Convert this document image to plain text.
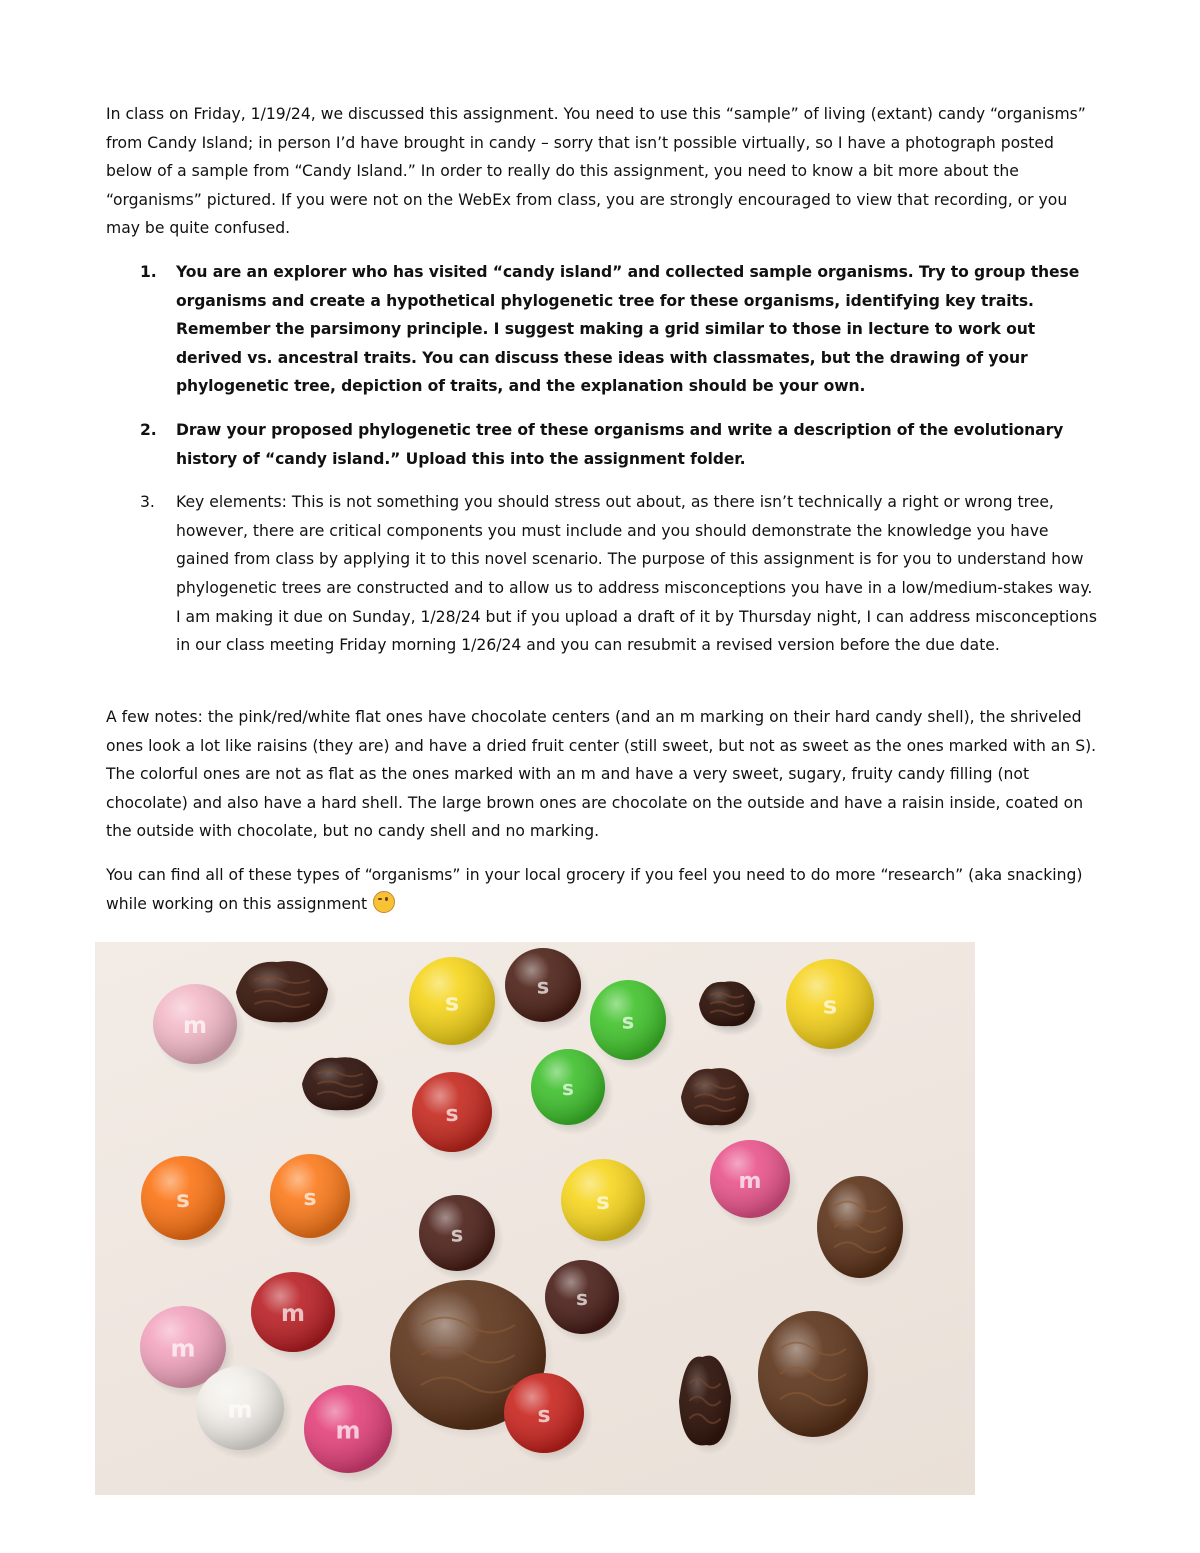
In class on Friday, 1/19/24, we discussed this assignment. You need to use this “sample” of living (extant) candy “organisms” from Candy Island; in person I’d have brought in candy – sorry that isn’t possible virtually, so I have a photograph posted below of a sample from “Candy Island.” In order to really do this assignment, you need to know a bit more about the “organisms” pictured. If you were not on the WebEx from class, you are strongly encouraged to view that recording, or you may be quite confused.

1. You are an explorer who has visited “candy island” and collected sample organisms. Try to group these organisms and create a hypothetical phylogenetic tree for these organisms, identifying key traits. Remember the parsimony principle. I suggest making a grid similar to those in lecture to work out derived vs. ancestral traits. You can discuss these ideas with classmates, but the drawing of your phylogenetic tree, depiction of traits, and the explanation should be your own.
2. Draw your proposed phylogenetic tree of these organisms and write a description of the evolutionary history of “candy island.” Upload this into the assignment folder.
3. Key elements: This is not something you should stress out about, as there isn’t technically a right or wrong tree, however, there are critical components you must include and you should demonstrate the knowledge you have gained from class by applying it to this novel scenario. The purpose of this assignment is for you to understand how phylogenetic trees are constructed and to allow us to address misconceptions you have in a low/medium-stakes way. I am making it due on Sunday, 1/28/24 but if you upload a draft of it by Thursday night, I can address misconceptions in our class meeting Friday morning 1/26/24 and you can resubmit a revised version before the due date.

A few notes: the pink/red/white flat ones have chocolate centers (and an m marking on their hard candy shell), the shriveled ones look a lot like raisins (they are) and have a dried fruit center (still sweet, but not as sweet as the ones marked with an S). The colorful ones are not as flat as the ones marked with an m and have a very sweet, sugary, fruity candy filling (not chocolate) and also have a hard shell. The large brown ones are chocolate on the outside and have a raisin inside, coated on the outside with chocolate, but no candy shell and no marking.

You can find all of these types of “organisms” in your local grocery if you feel you need to do more “research” (aka snacking) while working on this assignment

m
s
s
s
s
s
s
s	s
s
s
m
m
s
m
m
m
s
